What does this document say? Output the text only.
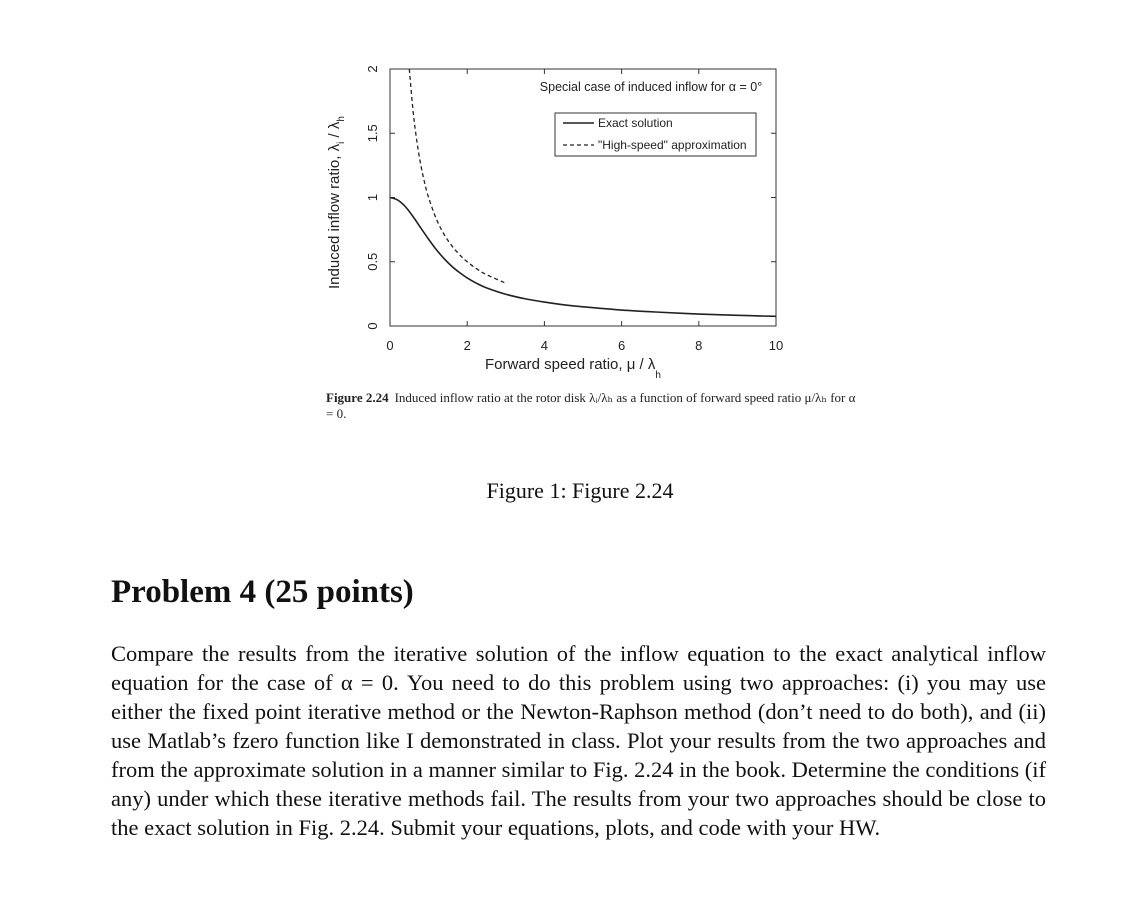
0	2	4	6	8	10
0
0.5
1
1.5
2
Special case of induced inflow for α = 0°
Exact solution
"High-speed" approximation
Forward speed ratio, μ / $\lambda_h$
Induced inflow ratio, $\lambda_i / \lambda_h$
Figure 2.24 Induced inflow ratio at the rotor disk λᵢ/λₕ as a function of forward speed ratio μ/λₕ for α = 0.
Figure 1: Figure 2.24
Problem 4 (25 points)

Compare the results from the iterative solution of the inflow equation to the exact analytical inflow equation for the case of α = 0. You need to do this problem using two approaches: (i) you may use either the fixed point iterative method or the Newton-Raphson method (don’t need to do both), and (ii) use Matlab’s fzero function like I demonstrated in class. Plot your results from the two approaches and from the approximate solution in a manner similar to Fig. 2.24 in the book. Determine the conditions (if any) under which these iterative methods fail. The results from your two approaches should be close to the exact solution in Fig. 2.24. Submit your equations, plots, and code with your HW.
